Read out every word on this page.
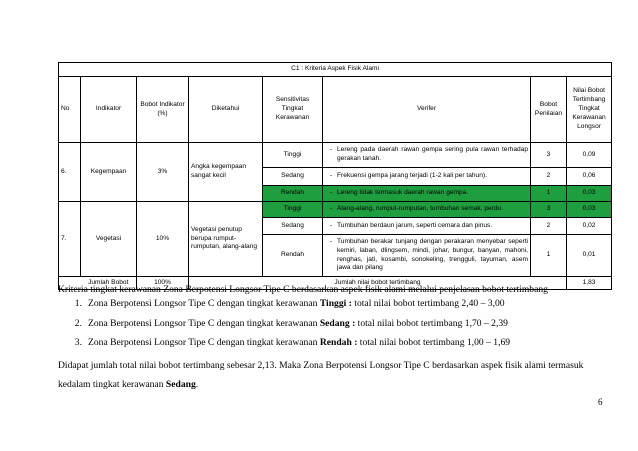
C1 : Kriteria Aspek Fisik Alami							
No	Indikator	Bobot Indikator (%)	Diketahui	Sensitivitas Tingkat Kerawanan	Verifer	Bobot Penilaian	Nilai Bobot Tertimbang Tingkat Kerawanan Longsor
6.	Kegempaan	3%	Angka kegempaan sangat kecil	Tinggi	- Lereng pada daerah rawan gempa sering pula rawan terhadap gerakan tanah.	3	0,09
				Sedang	- Frekuensi gempa jarang terjadi (1-2 kali per tahun).	2	0,06
				Rendah	- Lereng tidak termasuk daerah rawan gempa.	1	0,03
7.	Vegetasi	10%	Vegetasi penutup berupa rumput-rumputan, alang-alang	Tinggi	- Alang-alang, rumput-rumputan, tumbuhan semak, perdu.	3	0,03
				Sedang	- Tumbuhan berdaun jarum, seperti cemara dan pinus.	2	0,02
				Rendah	- Tumbuhan berakar tunjang dengan perakaran menyebar seperti kemiri, laban, dlingsem, mindi, johar, bungur, banyan, mahoni, renghas, jati, kosambi, sonokeling, trengguli, tayuman, asem jawa dan pilang	1	0,01
	Jumlah Bobot	100%	Jumlah nilai bobot tertimbang				1,83
Kriteria tingkat kerawanan Zona Berpotensi Longsor Tipe C berdasarkan aspek fisik alami melalui penjelasan bobot tertimbang
1. Zona Berpotensi Longsor Tipe C dengan tingkat kerawanan Tinggi : total nilai bobot tertimbang 2,40 – 3,00
2. Zona Berpotensi Longsor Tipe C dengan tingkat kerawanan Sedang : total nilai bobot tertimbang 1,70 – 2,39
3. Zona Berpotensi Longsor Tipe C dengan tingkat kerawanan Rendah : total nilai bobot tertimbang 1,00 – 1,69
Didapat jumlah total nilai bobot tertimbang sebesar 2,13. Maka Zona Berpotensi Longsor Tipe C berdasarkan aspek fisik alami termasuk kedalam tingkat kerawanan Sedang.
6
